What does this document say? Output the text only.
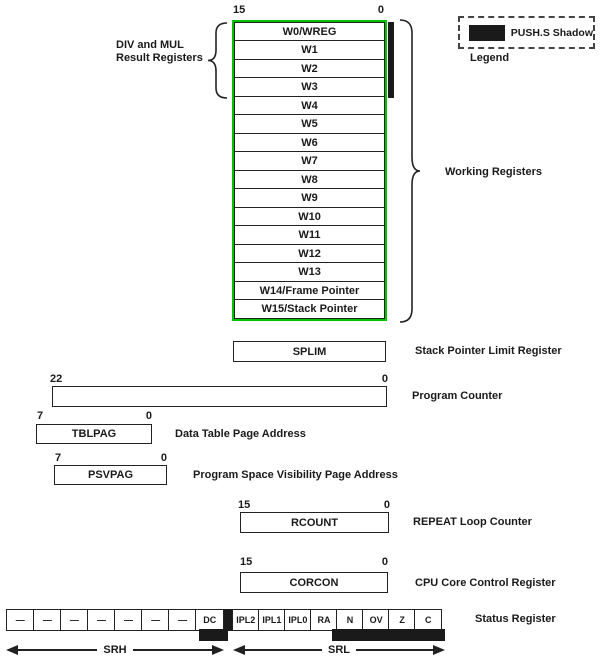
15	0
W0/WREG
W1
W2
W3
W4
W5
W6
W7
W8
W9
W10
W11
W12
W13
W14/Frame Pointer
W15/Stack Pointer
DIV and MUL
Result Registers
Working Registers
PUSH.S Shadow
Legend
SPLIM	Stack Pointer Limit Register
22	0
Program Counter
7	0
TBLPAG	Data Table Page Address
7	0
PSVPAG	Program Space Visibility Page Address
15	0
RCOUNT	REPEAT Loop Counter
15	0
CORCON	CPU Core Control Register
—	—	—	—	—	—	—	DC	IPL2 IPL1 IPL0	RA	N	OV	Z	C	Status Register
SRH	SRL
